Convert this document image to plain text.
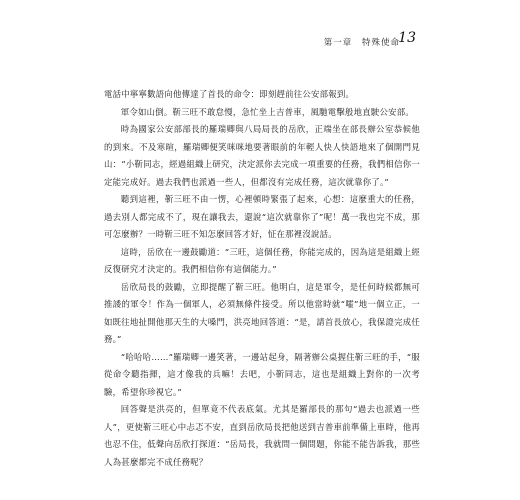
第一章 特殊使命
13

電話中寧寧數語向他傳達了首長的命令：即刻趕前往公安部報到。

軍令如山倒。靳三旺不敢怠慢，急忙坐上吉普車，風馳電擊般地直駛公安部。

時為國家公安部部長的羅瑞卿與八局局長的岳欣，正端坐在部長辦公室恭候他的到來。不及寒暄，羅瑞卿便笑咪咪地要著眼前的年輕人快人快語地來了個開門見山：“小靳同志，經過組織上研究，決定派你去完成一項重要的任務，我們相信你一定能完成好。過去我們也派過一些人，但都沒有完成任務，這次就靠你了。”

聽到這裡，靳三旺不由一愣，心裡頓時緊張了起來，心想：這麼重大的任務，過去別人都完成不了，現在讓我去，還說“這次就靠你了”呢！萬一我也完不成，那可怎麼辦？一時靳三旺不知怎麼回答才好，怔在那裡沒說話。

這時，岳欣在一邊鼓勵道：“三旺，這個任務，你能完成的，因為這是組織上經反復研究才決定的。我們相信你有這個能力。”

岳欣局長的鼓勵，立即提醒了靳三旺。他明白，這是軍令，是任何時候都無可推諉的軍令！作為一個軍人，必須無條件接受。所以他當時就“嚯”地一個立正，一如既往地扯開他那天生的大嗓門，洪亮地回答道：“是，請首長放心，我保證完成任務。”

“哈哈哈……”羅瑞卿一邊笑著，一邊站起身，隔著辦公桌握住靳三旺的手，“服從命令聽指揮，這才像我的兵嘛！去吧，小靳同志，這也是組織上對你的一次考驗，希望你珍視它。”

回答聲是洪亮的，但單竟不代表底氣。尤其是羅部長的那句“過去也派過一些人”，更使靳三旺心中忐忑不安，直到岳欣局長把他送到吉普車前準備上車時，他再也忍不住，低聲向岳欣打探道：“岳局長，我就問一個問題，你能不能告訴我，那些人為甚麼都完不成任務呢？
